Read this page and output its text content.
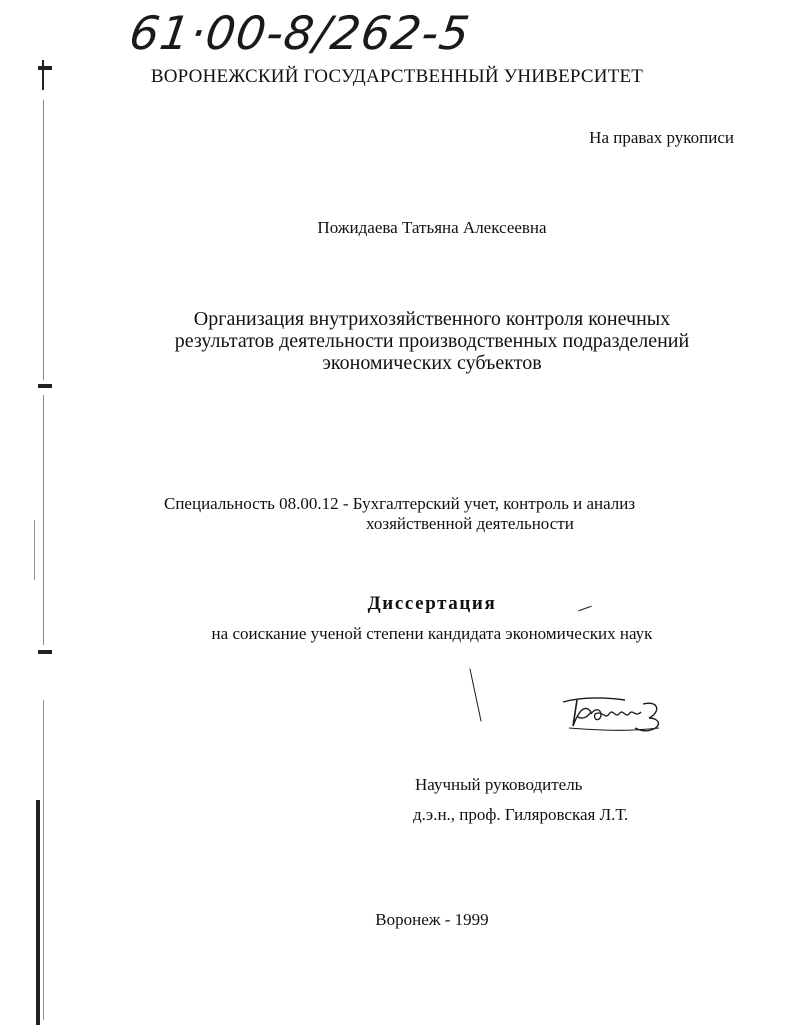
61·00-8/262-5
ВОРОНЕЖСКИЙ ГОСУДАРСТВЕННЫЙ УНИВЕРСИТЕТ
На правах рукописи
Пожидаева Татьяна Алексеевна
Организация внутрихозяйственного контроля конечных
результатов деятельности производственных подразделений
экономических субъектов
Специальность 08.00.12 - Бухгалтерский учет, контроль и анализ
хозяйственной деятельности
Диссертация
на соискание ученой степени кандидата экономических наук
Научный руководитель
д.э.н., проф. Гиляровская Л.Т.
Воронеж - 1999
